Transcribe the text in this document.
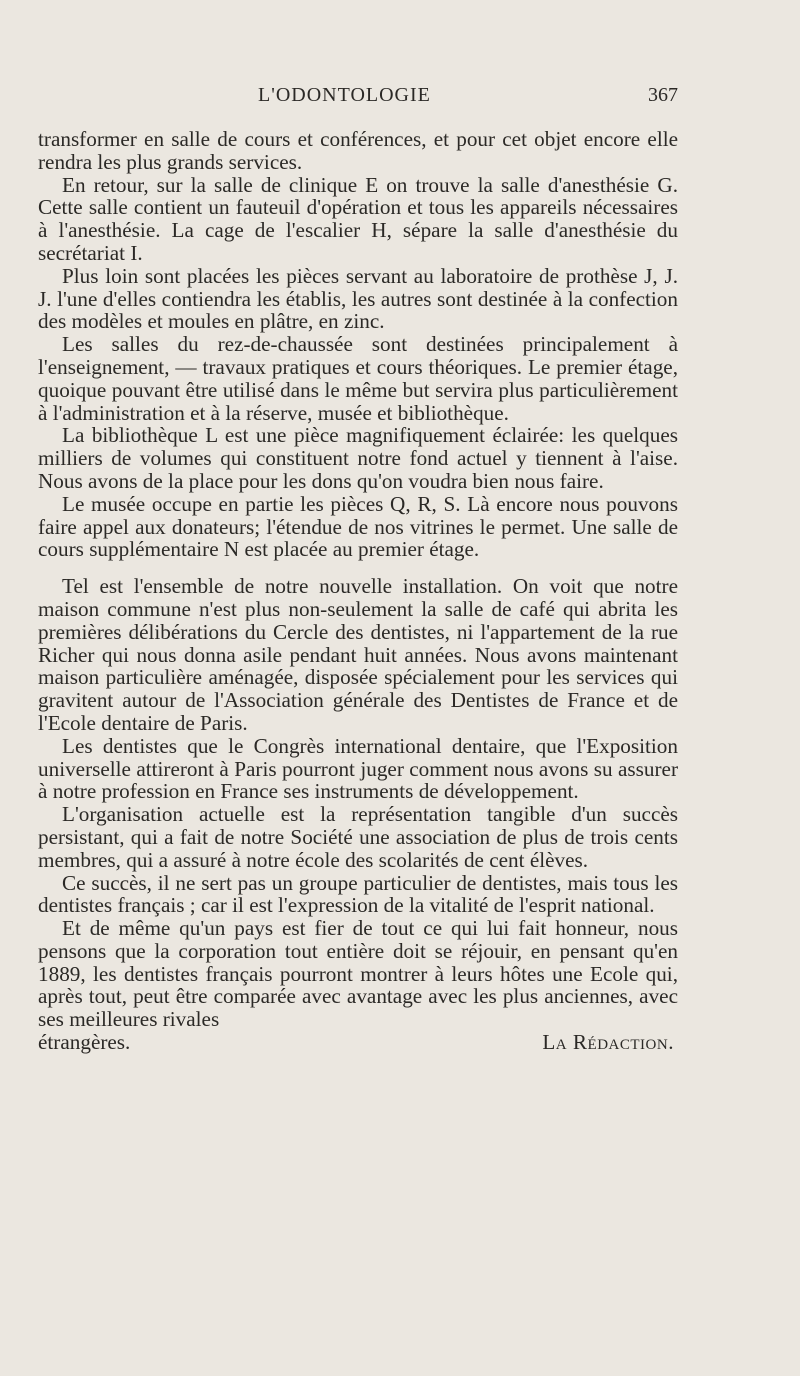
L'ODONTOLOGIE	367

transformer en salle de cours et conférences, et pour cet objet encore elle rendra les plus grands services.

En retour, sur la salle de clinique E on trouve la salle d'anesthésie G. Cette salle contient un fauteuil d'opération et tous les appareils nécessaires à l'anesthésie. La cage de l'escalier H, sépare la salle d'anesthésie du secrétariat I.

Plus loin sont placées les pièces servant au laboratoire de prothèse J, J. J. l'une d'elles contiendra les établis, les autres sont destinée à la confection des modèles et moules en plâtre, en zinc.

Les salles du rez-de-chaussée sont destinées principalement à l'enseignement, — travaux pratiques et cours théoriques. Le premier étage, quoique pouvant être utilisé dans le même but servira plus particulièrement à l'administration et à la réserve, musée et bibliothèque.

La bibliothèque L est une pièce magnifiquement éclairée: les quelques milliers de volumes qui constituent notre fond actuel y tiennent à l'aise. Nous avons de la place pour les dons qu'on voudra bien nous faire.

Le musée occupe en partie les pièces Q, R, S. Là encore nous pouvons faire appel aux donateurs; l'étendue de nos vitrines le permet. Une salle de cours supplémentaire N est placée au premier étage.

Tel est l'ensemble de notre nouvelle installation. On voit que notre maison commune n'est plus non-seulement la salle de café qui abrita les premières délibérations du Cercle des dentistes, ni l'appartement de la rue Richer qui nous donna asile pendant huit années. Nous avons maintenant maison particulière aménagée, disposée spécialement pour les services qui gravitent autour de l'Association générale des Dentistes de France et de l'Ecole dentaire de Paris.

Les dentistes que le Congrès international dentaire, que l'Exposition universelle attireront à Paris pourront juger comment nous avons su assurer à notre profession en France ses instruments de développement.

L'organisation actuelle est la représentation tangible d'un succès persistant, qui a fait de notre Société une association de plus de trois cents membres, qui a assuré à notre école des scolarités de cent élèves.

Ce succès, il ne sert pas un groupe particulier de dentistes, mais tous les dentistes français ; car il est l'expression de la vitalité de l'esprit national.

Et de même qu'un pays est fier de tout ce qui lui fait honneur, nous pensons que la corporation tout entière doit se réjouir, en pensant qu'en 1889, les dentistes français pourront montrer à leurs hôtes une Ecole qui, après tout, peut être comparée avec avantage avec les plus anciennes, avec ses meilleures rivales

étrangères.	La Rédaction.
